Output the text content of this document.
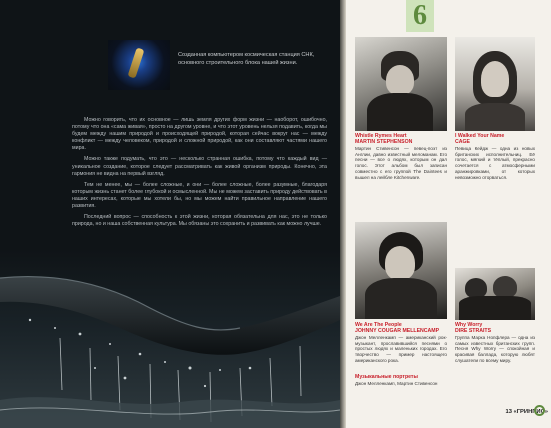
Созданная компьютером космическая станция СНК, основного строительного блока нашей жизни.

Можно говорить, что их основное — лишь земля других форм жизни — наоборот, ошибочно, потому что она «сама живая», просто на другом уровне, и что этот уровень нельзя подавить, когда мы будем между нашим природой и происходящей природой, которая сейчас вокруг нас — между конфликт — между человеком, природой и сложной природой, как они составляют частями нашего мира.

Можно также подумать, что это — несколько странная ошибка, потому что каждый вид — уникальное создание, которое следует рассматривать как живой организм природы. Конечно, эта гармония не видна на первый взгляд.

Тем не менее, мы — более сложные, и они — более сложные, более разумные, благодаря которым жизнь станет более глубокой и осмысленной. Мы не можем заставить природу действовать в наших интересах, которые мы хотели бы, но мы можем найти правильное направление нашего развития.

Последний вопрос — способность к этой жизни, которая обязательна для нас, это не только природа, но и наша собственная культура. Мы обязаны это сохранить и развивать как можно лучше.

6
Whistle Rymes Heart
MARTIN STEPHENSON
Мартин Стивенсон — певец-поэт из Англии, давно известный меломанам. Его песни — все о людях, которым он дал голос. Этот альбом был записан совместно с его группой The Daintees и вышел на лейбле Kitchenware.
I Walked Your Name
CAGE
Певица Кейдж — одна из новых британских исполнительниц. Её голос, мягкий и тёплый, прекрасно сочетается с атмосферными аранжировками, от которых невозможно оторваться.
We Are The People
JOHNNY COUGAR MELLENCAMP
Джон Мелленкамп — американский рок-музыкант, прославившийся песнями о простых людях и маленьких городах. Его творчество — пример настоящего американского рока.
Музыкальные портреты
Джон Мелленкамп, Мартин Стивенсон
Why Worry
DIRE STRAITS
Группа Марка Нопфлера — одна из самых известных британских групп. Песня Why Worry — спокойная и красивая баллада, которую любят слушатели по всему миру.
13 «ГРИНПИС»
